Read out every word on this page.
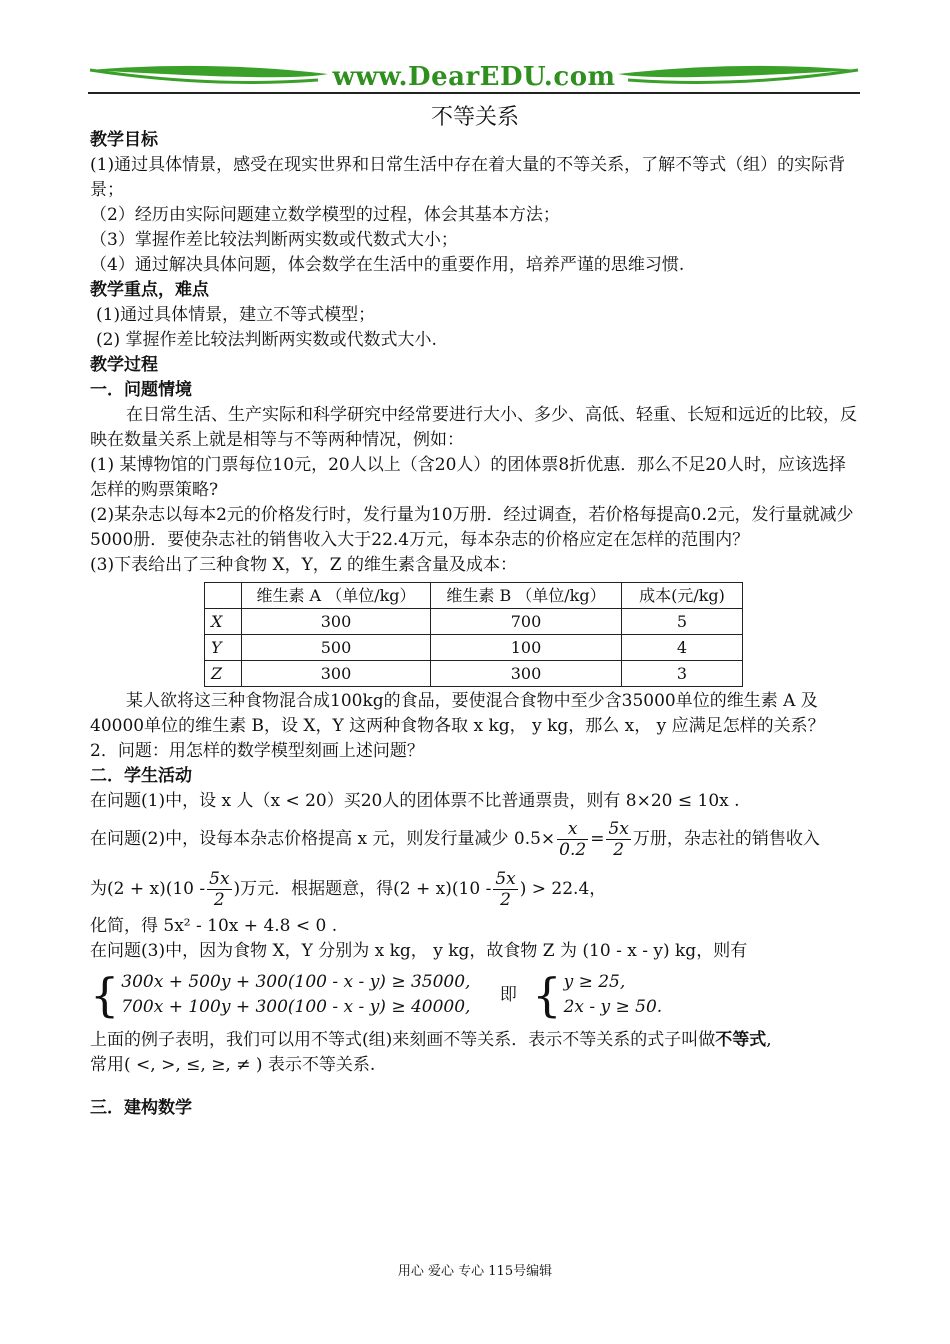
www.DearEDU.com
不等关系

教学目标

(1)通过具体情景，感受在现实世界和日常生活中存在着大量的不等关系，了解不等式（组）的实际背景；

（2）经历由实际问题建立数学模型的过程，体会其基本方法；

（3）掌握作差比较法判断两实数或代数式大小；

（4）通过解决具体问题，体会数学在生活中的重要作用，培养严谨的思维习惯.

教学重点，难点

(1)通过具体情景，建立不等式模型；

(2) 掌握作差比较法判断两实数或代数式大小.

教学过程

一．问题情境

在日常生活、生产实际和科学研究中经常要进行大小、多少、高低、轻重、长短和远近的比较，反映在数量关系上就是相等与不等两种情况，例如：

(1) 某博物馆的门票每位10元，20人以上（含20人）的团体票8折优惠．那么不足20人时，应该选择怎样的购票策略?

(2)某杂志以每本2元的价格发行时，发行量为10万册．经过调查，若价格每提高0.2元，发行量就减少5000册．要使杂志社的销售收入大于22.4万元，每本杂志的价格应定在怎样的范围内？

(3)下表给出了三种食物 X，Y，Z 的维生素含量及成本：

	维生素 A （单位/kg）	维生素 B （单位/kg）	成本(元/kg)
X	300	700	5
Y	500	100	4
Z	300	300	3

某人欲将这三种食物混合成100kg的食品，要使混合食物中至少含35000单位的维生素 A 及40000单位的维生素 B，设 X，Y 这两种食物各取 x kg， y kg，那么 x， y 应满足怎样的关系？

2．问题：用怎样的数学模型刻画上述问题？

二．学生活动

在问题(1)中，设 x 人（x < 20）买20人的团体票不比普通票贵，则有 8×20 ≤ 10x .

在问题(2)中，设每本杂志价格提高 x 元，则发行量减少 $0.5\times \frac{x}{0.2} = \frac{5x}{2}$ 万册，杂志社的销售收入

为$(2 + x)(10 - \frac{5x}{2}$ )万元．根据题意，得$(2 + x)(10 - \frac{5x}{2}$ ) > 22.4，

化简，得 5x² - 10x + 4.8 < 0 .

在问题(3)中，因为食物 X，Y 分别为 x kg， y kg，故食物 Z 为 (10 - x - y) kg，则有

{ 300x + 500y + 300(100 - x - y) ≥ 35000,
700x + 100y + 300(100 - x - y) ≥ 40000,
即 { y ≥ 25,
2x - y ≥ 50.

上面的例子表明，我们可以用不等式(组)来刻画不等关系．表示不等关系的式子叫做不等式,

常用( <, >, ≤, ≥, ≠ ) 表示不等关系.

三．建构数学

用心 爱心 专心 115号编辑
